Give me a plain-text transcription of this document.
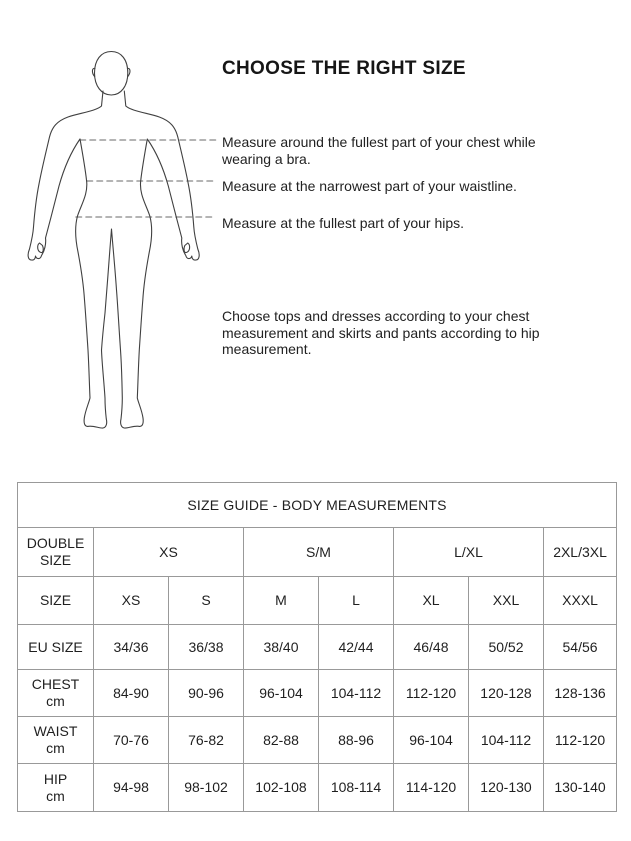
CHOOSE THE RIGHT SIZE

Measure around the fullest part of your chest while wearing a bra.

Measure at the narrowest part of your waistline.

Measure at the fullest part of your hips.

Choose tops and dresses according to your chest measurement and skirts and pants according to hip measurement.

SIZE GUIDE - BODY MEASUREMENTS							
DOUBLE SIZE	XS		S/M		L/XL		2XL/3XL
SIZE	XS	S	M	L	XL	XXL	XXXL
EU SIZE	34/36	36/38	38/40	42/44	46/48	50/52	54/56
CHEST
cm	84-90	90-96	96-104	104-112	112-120	120-128	128-136
WAIST
cm	70-76	76-82	82-88	88-96	96-104	104-112	112-120
HIP
cm	94-98	98-102	102-108	108-114	114-120	120-130	130-140
